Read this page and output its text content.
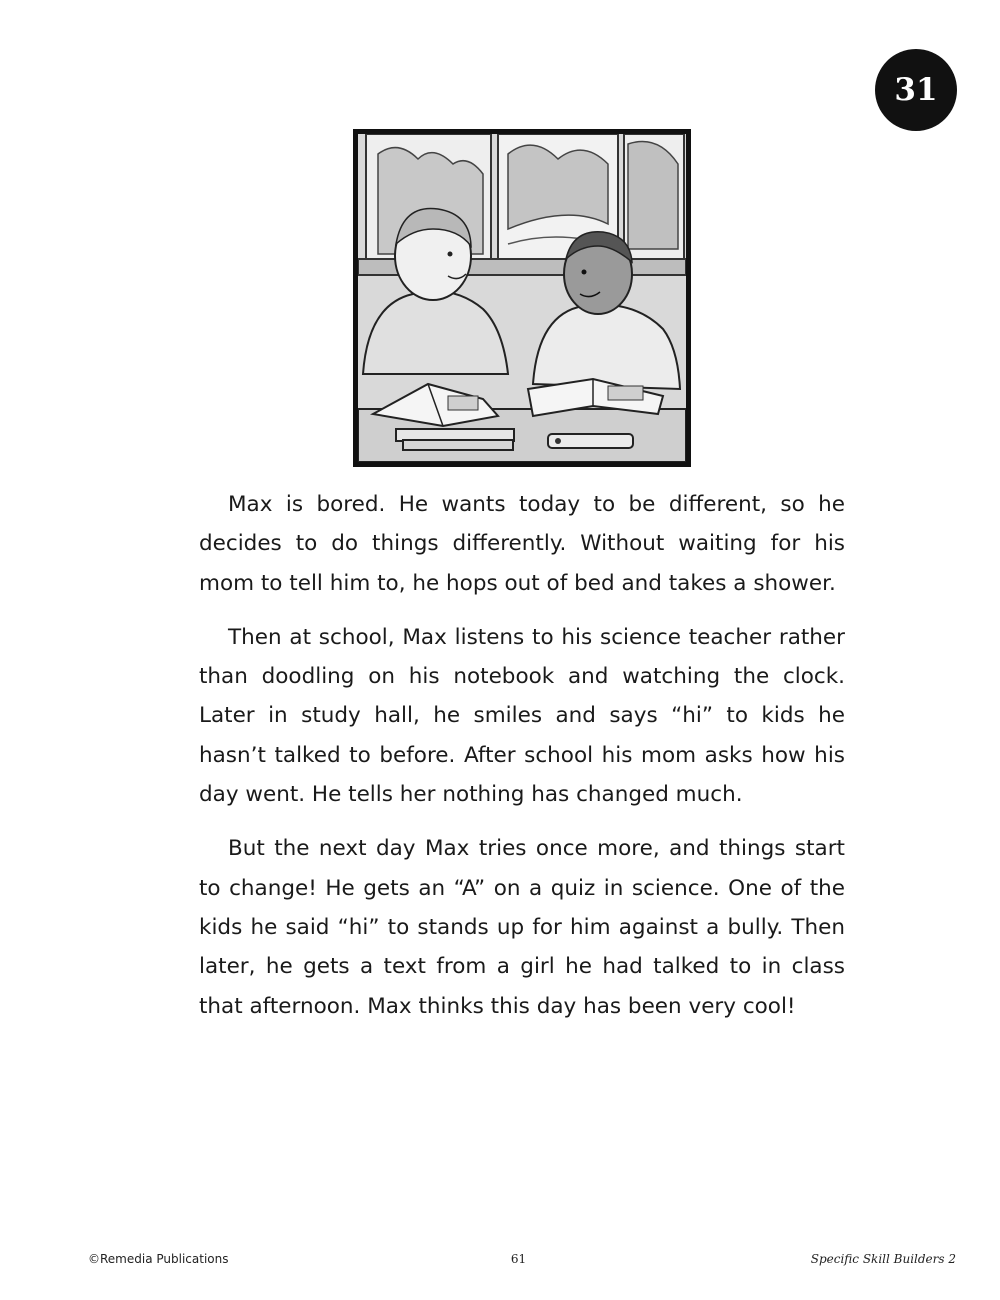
31

Max is bored. He wants today to be different, so he decides to do things differently. Without waiting for his mom to tell him to, he hops out of bed and takes a shower.

Then at school, Max listens to his science teacher rather than doodling on his notebook and watching the clock. Later in study hall, he smiles and says “hi” to kids he hasn’t talked to before. After school his mom asks how his day went. He tells her nothing has changed much.

But the next day Max tries once more, and things start to change! He gets an “A” on a quiz in science. One of the kids he said “hi” to stands up for him against a bully. Then later, he gets a text from a girl he had talked to in class that afternoon. Max thinks this day has been very cool!

©Remedia Publications	61	Specific Skill Builders 2
